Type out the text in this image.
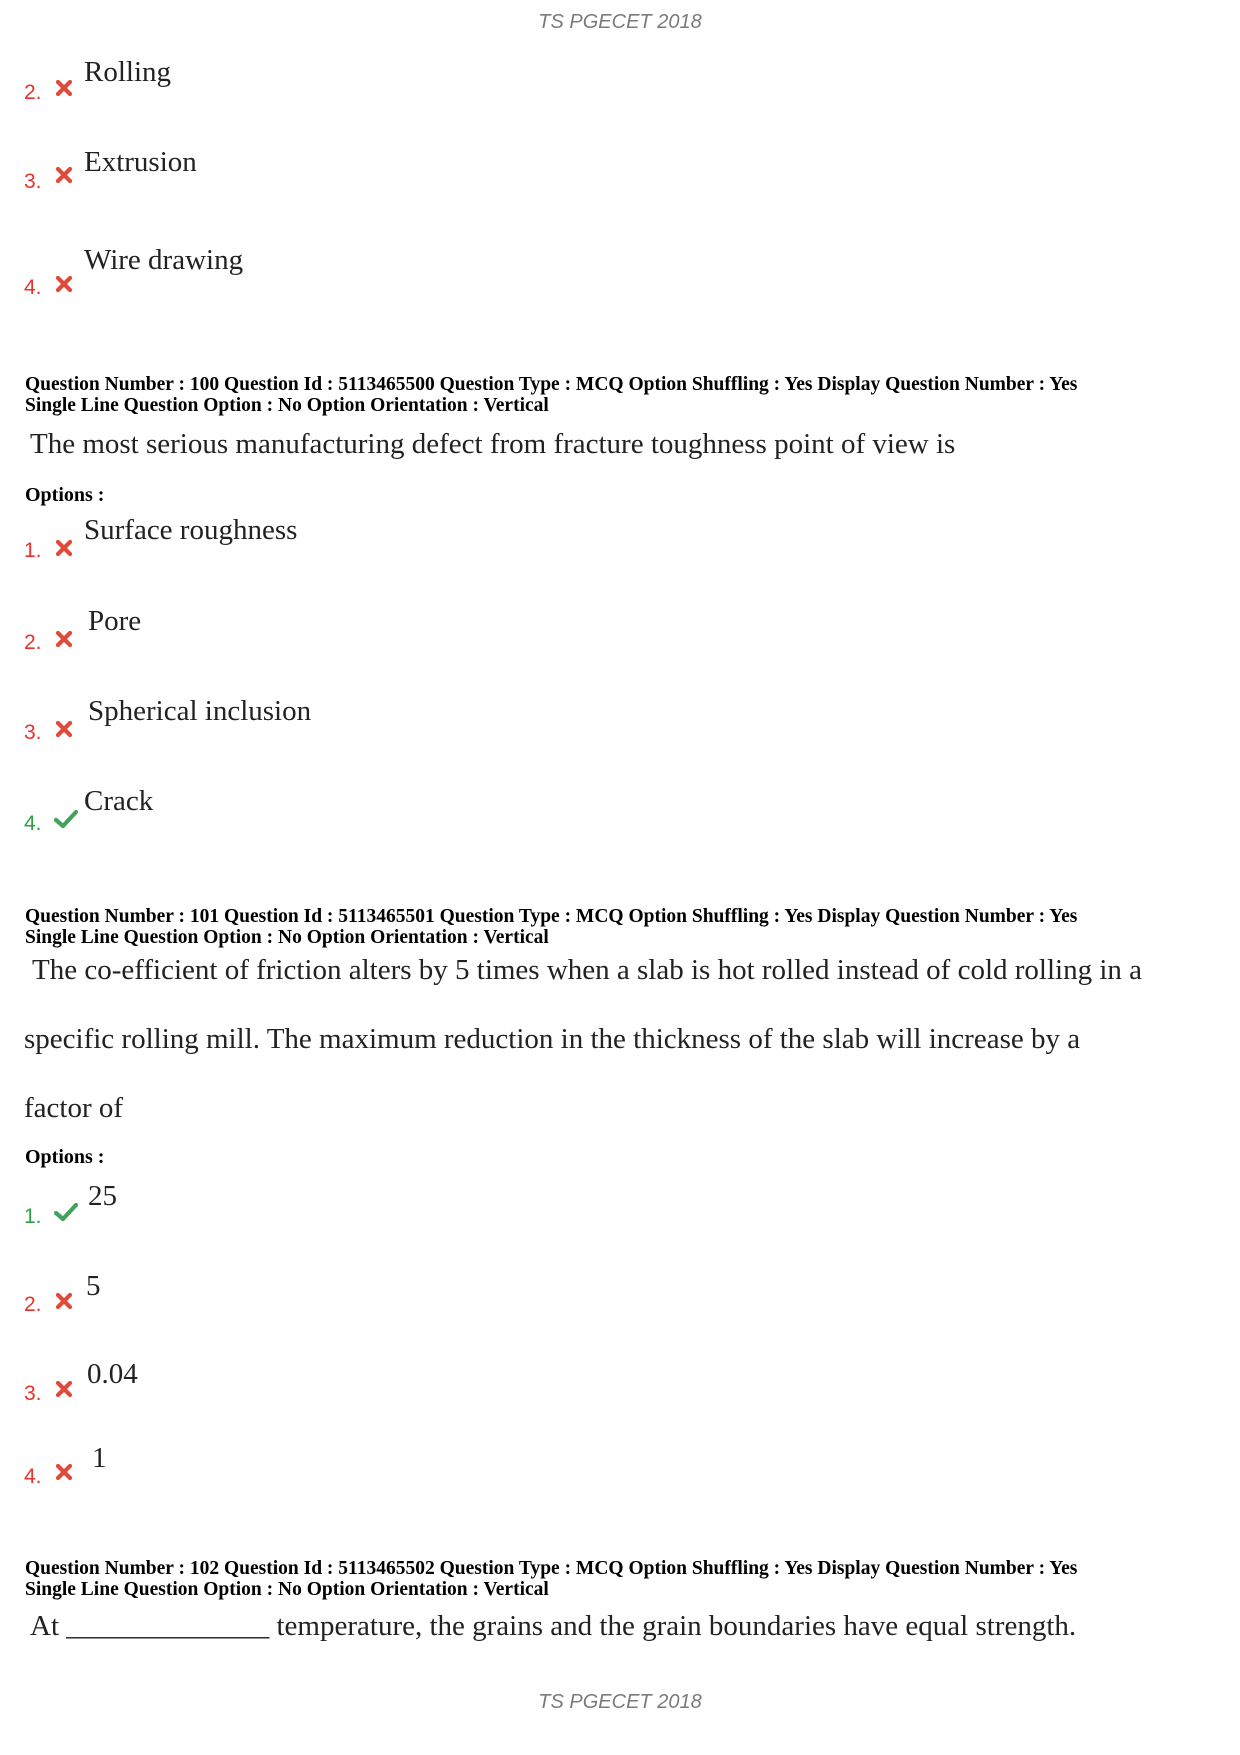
TS PGECET 2018
2.
Rolling
3.
Extrusion
4.
Wire drawing
Question Number : 100 Question Id : 5113465500 Question Type : MCQ Option Shuffling : Yes Display Question Number : Yes
Single Line Question Option : No Option Orientation : Vertical
The most serious manufacturing defect from fracture toughness point of view is
Options :
1.
Surface roughness
2.
Pore
3.
Spherical inclusion
4.
Crack
Question Number : 101 Question Id : 5113465501 Question Type : MCQ Option Shuffling : Yes Display Question Number : Yes
Single Line Question Option : No Option Orientation : Vertical
The co-efficient of friction alters by 5 times when a slab is hot rolled instead of cold rolling in a
specific rolling mill. The maximum reduction in the thickness of the slab will increase by a
factor of
Options :
1.
25
2.
5
3.
0.04
4.
1
Question Number : 102 Question Id : 5113465502 Question Type : MCQ Option Shuffling : Yes Display Question Number : Yes
Single Line Question Option : No Option Orientation : Vertical
At ______________ temperature, the grains and the grain boundaries have equal strength.
TS PGECET 2018
